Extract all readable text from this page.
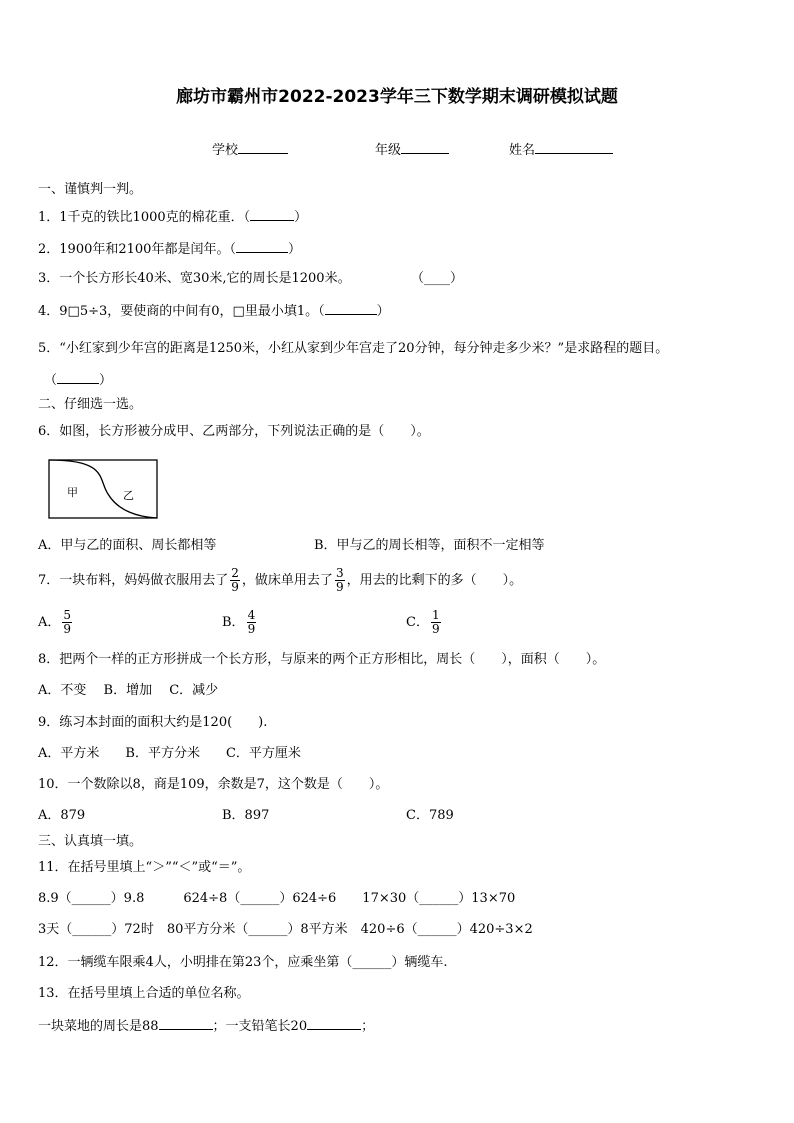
廊坊市霸州市2022-2023学年三下数学期末调研模拟试题
学校	年级	姓名
一、谨慎判一判。
1．1千克的铁比1000克的棉花重．（	）
2．1900年和2100年都是闰年。（	）
3．一个长方形长40米、宽30米,它的周长是1200米。	（____）
4．9□5÷3，要使商的中间有0，□里最小填1。（	）
5．“小红家到少年宫的距离是1250米，小红从家到少年宫走了20分钟，每分钟走多少米？”是求路程的题目。
（	）
二、仔细选一选。
6．如图，长方形被分成甲、乙两部分，下列说法正确的是（　　）。
甲	乙
A．甲与乙的面积、周长都相等	B．甲与乙的周长相等，面积不一定相等
7．一块布料，妈妈做衣服用去了 $\frac{2}{9}$ ，做床单用去了 $\frac{3}{9}$ ，用去的比剩下的多（　　）。
A． $\frac{5}{9}$	B． $\frac{4}{9}$	C． $\frac{1}{9}$
8．把两个一样的正方形拼成一个长方形，与原来的两个正方形相比，周长（　　），面积（　　）。
A．不变　 B．增加　 C．减少
9．练习本封面的面积大约是120(　　).
A．平方米　　B．平方分米　　C．平方厘米
10．一个数除以8，商是109，余数是7，这个数是（　　）。
A．879	B．897	C．789
三、认真填一填。
11．在括号里填上“＞”“＜”或“＝”。
8.9（______）9.8　　　624÷8（______）624÷6　　17×30（______）13×70
3天（______）72时　80平方分米（______）8平方米　420÷6（______）420÷3×2
12．一辆缆车限乘4人，小明排在第23个，应乘坐第（______）辆缆车.
13．在括号里填上合适的单位名称。
一块菜地的周长是88	；一支铅笔长20	；
